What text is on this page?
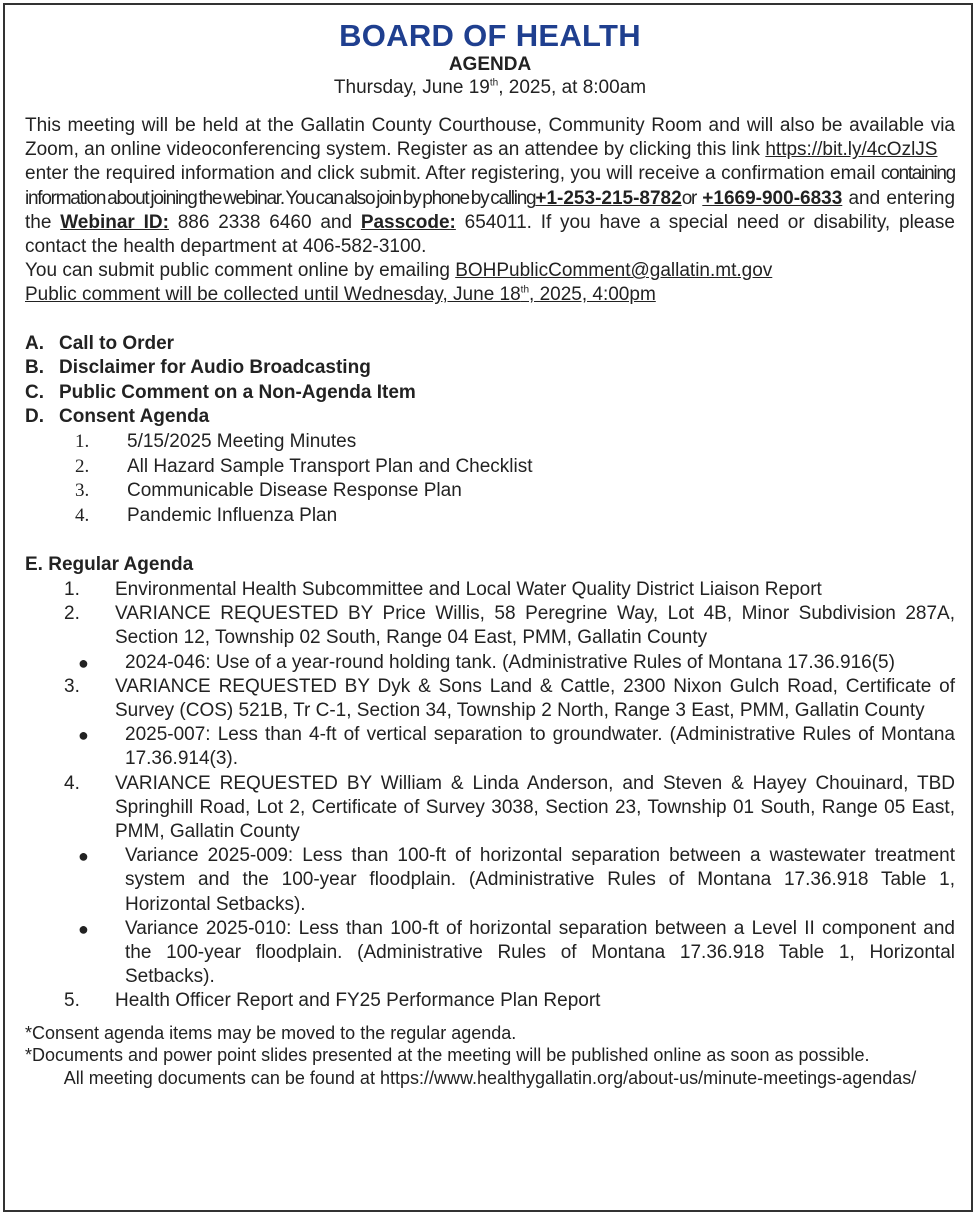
BOARD OF HEALTH
AGENDA
Thursday, June 19th, 2025, at 8:00am

This meeting will be held at the Gallatin County Courthouse, Community Room and will also be available via Zoom, an online videoconferencing system. Register as an attendee by clicking this link https://bit.ly/4cOzlJS

enter the required information and click submit. After registering, you will receive a confirmation email containing information about joining the webinar. You can also join by phone by calling+1-253-215-8782or +1669-900-6833 and entering the Webinar ID: 886 2338 6460 and Passcode: 654011. If you have a special need or disability, please contact the health department at 406-582-3100.

You can submit public comment online by emailing BOHPublicComment@gallatin.mt.gov

Public comment will be collected until Wednesday, June 18th, 2025, 4:00pm

A. Call to Order
B. Disclaimer for Audio Broadcasting
C. Public Comment on a Non-Agenda Item
D. Consent Agenda
1. 5/15/2025 Meeting Minutes
2. All Hazard Sample Transport Plan and Checklist
3. Communicable Disease Response Plan
4. Pandemic Influenza Plan
E. Regular Agenda
1. Environmental Health Subcommittee and Local Water Quality District Liaison Report
2. VARIANCE REQUESTED BY Price Willis, 58 Peregrine Way, Lot 4B, Minor Subdivision 287A, Section 12, Township 02 South, Range 04 East, PMM, Gallatin County
● 2024-046: Use of a year-round holding tank. (Administrative Rules of Montana 17.36.916(5)
3. VARIANCE REQUESTED BY Dyk & Sons Land & Cattle, 2300 Nixon Gulch Road, Certificate of Survey (COS) 521B, Tr C-1, Section 34, Township 2 North, Range 3 East, PMM, Gallatin County
● 2025-007: Less than 4-ft of vertical separation to groundwater. (Administrative Rules of Montana 17.36.914(3).
4. VARIANCE REQUESTED BY William & Linda Anderson, and Steven & Hayey Chouinard, TBD Springhill Road, Lot 2, Certificate of Survey 3038, Section 23, Township 01 South, Range 05 East, PMM, Gallatin County
● Variance 2025-009: Less than 100-ft of horizontal separation between a wastewater treatment system and the 100-year floodplain. (Administrative Rules of Montana 17.36.918 Table 1, Horizontal Setbacks).
● Variance 2025-010: Less than 100-ft of horizontal separation between a Level II component and the 100-year floodplain. (Administrative Rules of Montana 17.36.918 Table 1, Horizontal Setbacks).
5. Health Officer Report and FY25 Performance Plan Report

*Consent agenda items may be moved to the regular agenda.

*Documents and power point slides presented at the meeting will be published online as soon as possible.

All meeting documents can be found at https://www.healthygallatin.org/about-us/minute-meetings-agendas/
